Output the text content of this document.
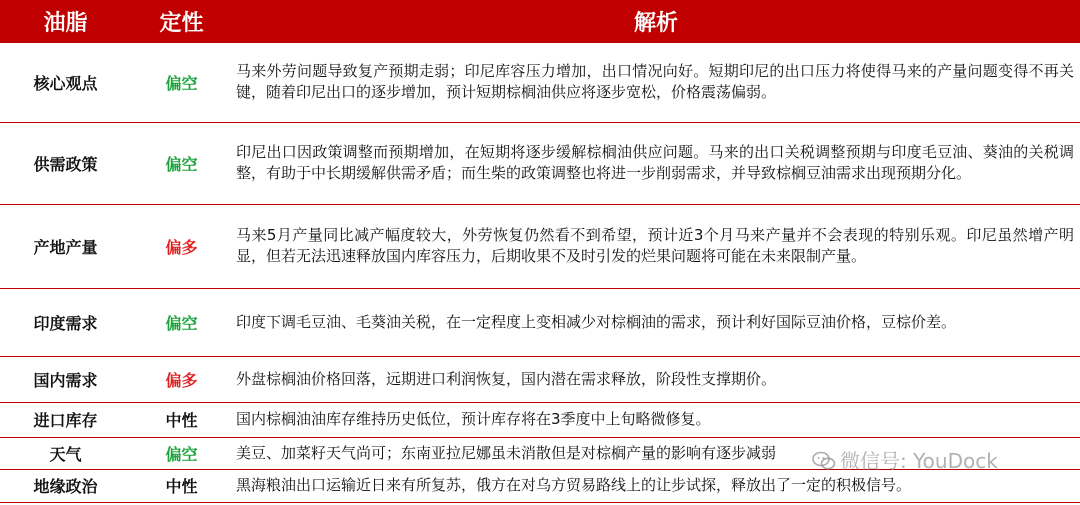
油脂	定性	解析
核心观点	偏空	马来外劳问题导致复产预期走弱；印尼库容压力增加，出口情况向好。短期印尼的出口压力将使得马来的产量问题变得不再关键，随着印尼出口的逐步增加，预计短期棕榈油供应将逐步宽松，价格震荡偏弱。
供需政策	偏空	印尼出口因政策调整而预期增加，在短期将逐步缓解棕榈油供应问题。马来的出口关税调整预期与印度毛豆油、葵油的关税调整，有助于中长期缓解供需矛盾；而生柴的政策调整也将进一步削弱需求，并导致棕榈豆油需求出现预期分化。
产地产量	偏多	马来5月产量同比减产幅度较大，外劳恢复仍然看不到希望，预计近3个月马来产量并不会表现的特别乐观。印尼虽然增产明显，但若无法迅速释放国内库容压力，后期收果不及时引发的烂果问题将可能在未来限制产量。
印度需求	偏空	印度下调毛豆油、毛葵油关税，在一定程度上变相减少对棕榈油的需求，预计利好国际豆油价格，豆棕价差。
国内需求	偏多	外盘棕榈油价格回落，远期进口利润恢复，国内潜在需求释放，阶段性支撑期价。
进口库存	中性	国内棕榈油油库存维持历史低位，预计库存将在3季度中上旬略微修复。
天气	偏空	美豆、加菜籽天气尚可；东南亚拉尼娜虽未消散但是对棕榈产量的影响有逐步减弱
地缘政治	中性	黑海粮油出口运输近日来有所复苏，俄方在对乌方贸易路线上的让步试探，释放出了一定的积极信号。
微信号: YouDock
